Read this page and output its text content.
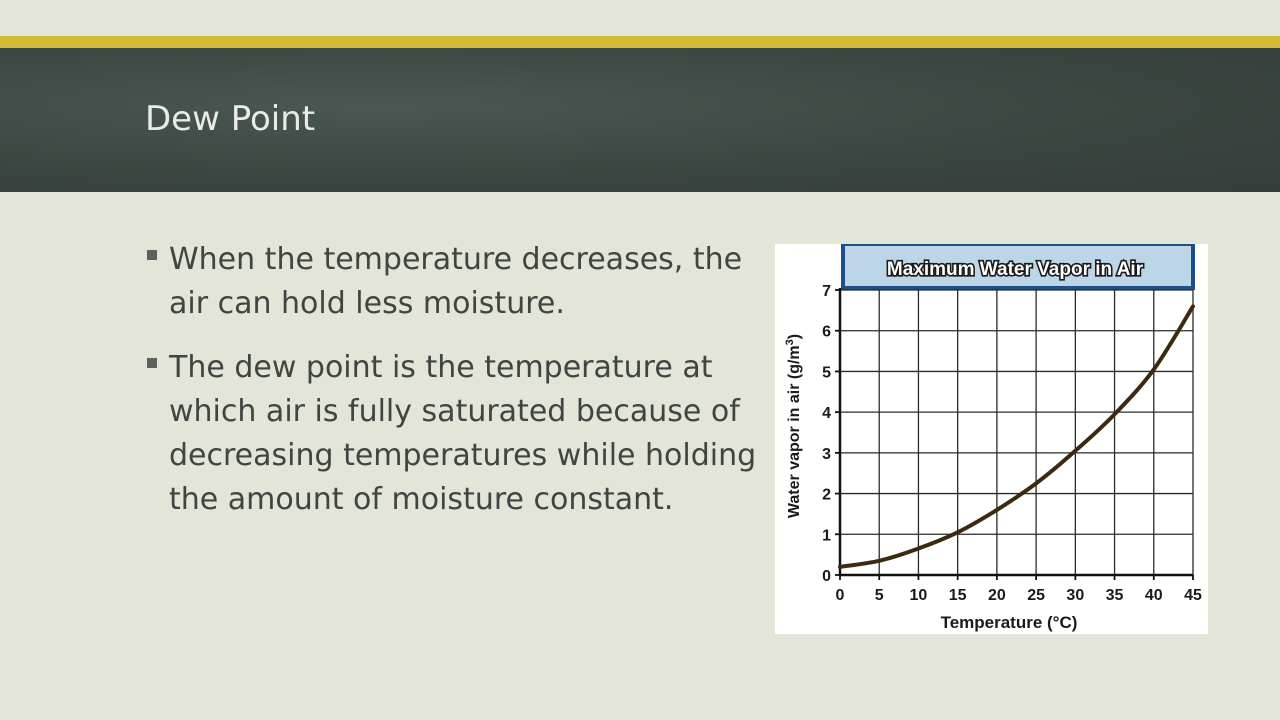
Dew Point
When the temperature decreases, the air can hold less moisture.
The dew point is the temperature at which air is fully saturated because of decreasing temperatures while holding the amount of moisture constant.
Maximum Water Vapor in Air
0 5 10 15 20 25 30 35 40 45
0
1
2
3
4
5
6
7
Temperature (°C)
Water vapor in air $(g/m^3)$
